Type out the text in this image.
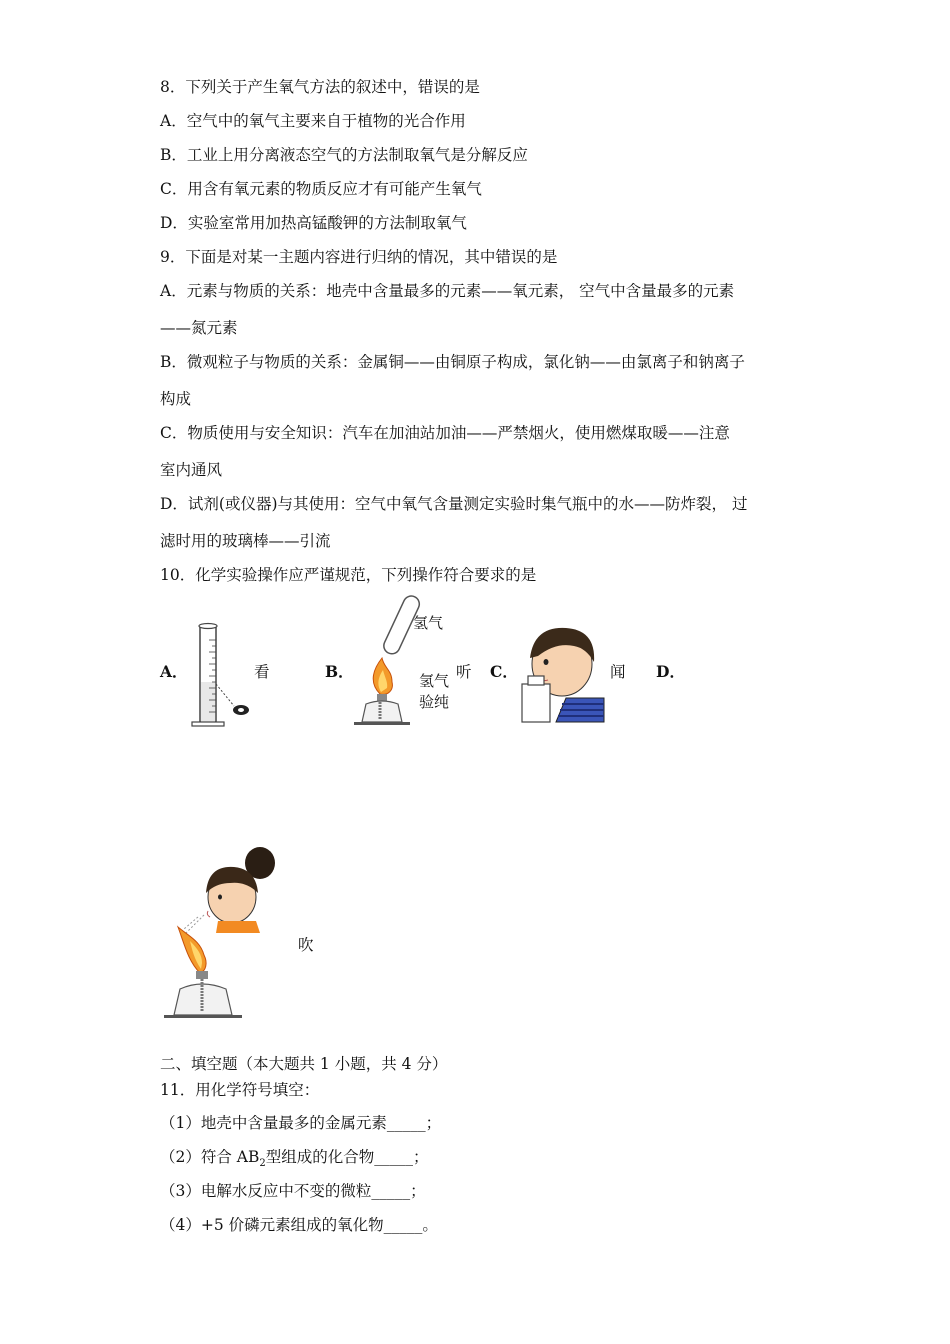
8．下列关于产生氧气方法的叙述中，错误的是
A．空气中的氧气主要来自于植物的光合作用
B．工业上用分离液态空气的方法制取氧气是分解反应
C．用含有氧元素的物质反应才有可能产生氧气
D．实验室常用加热高锰酸钾的方法制取氧气
9．下面是对某一主题内容进行归纳的情况，其中错误的是
A．元素与物质的关系：地壳中含量最多的元素——氧元素， 空气中含量最多的元素
——氮元素
B．微观粒子与物质的关系：金属铜——由铜原子构成，氯化钠——由氯离子和钠离子
构成
C．物质使用与安全知识：汽车在加油站加油——严禁烟火，使用燃煤取暖——注意
室内通风
D．试剂(或仪器)与其使用：空气中氧气含量测定实验时集气瓶中的水——防炸裂， 过
滤时用的玻璃棒——引流
10．化学实验操作应严谨规范，下列操作符合要求的是
A．	看	B．
氢气
氢气
验纯
听 C．	闻 D．
吹
二、填空题（本大题共 1 小题，共 4 分）
11．用化学符号填空：
（1）地壳中含量最多的金属元素_____；
（2）符合 $AB_2$型组成的化合物_____；
（3）电解水反应中不变的微粒_____；
（4）+5 价磷元素组成的氧化物_____。
